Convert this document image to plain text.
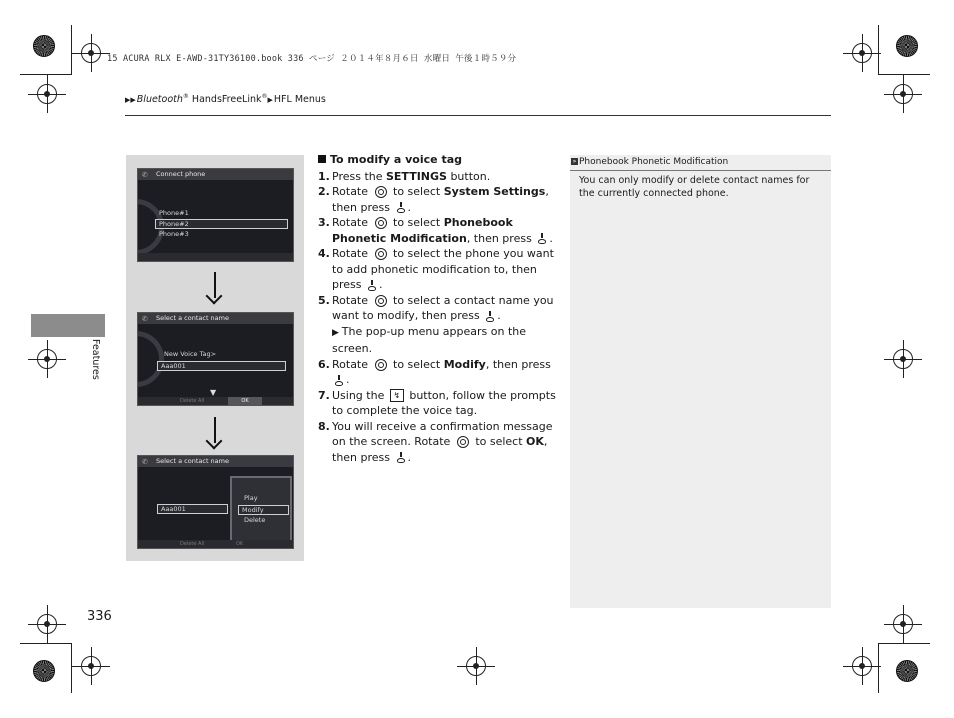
15 ACURA RLX E-AWD-31TY36100.book 336 ページ ２０１４年８月６日 水曜日 午後１時５９分
▶▶Bluetooth® HandsFreeLink®▶HFL Menus
Features
✆ Connect phone
Phone#1
Phone#2
Phone#3
✆ Select a contact name
New Voice Tag>
Aaa001
▼
Delete All	OK
✆ Select a contact name
Aaa001
Play
Modify
Delete
Delete All	OK
To modify a voice tag
1. Press the SETTINGS button.
2. Rotate  to select System Settings, then press .
3. Rotate  to select Phonebook Phonetic Modification, then press .
4. Rotate  to select the phone you want to add phonetic modification to, then press .
5. Rotate  to select a contact name you want to modify, then press .
▶ The pop-up menu appears on the screen.
6. Rotate  to select Modify, then press .
7. Using the ↯ button, follow the prompts to complete the voice tag.
8. You will receive a confirmation message on the screen. Rotate  to select OK, then press .
» Phonebook Phonetic Modification
You can only modify or delete contact names for the currently connected phone.
336
